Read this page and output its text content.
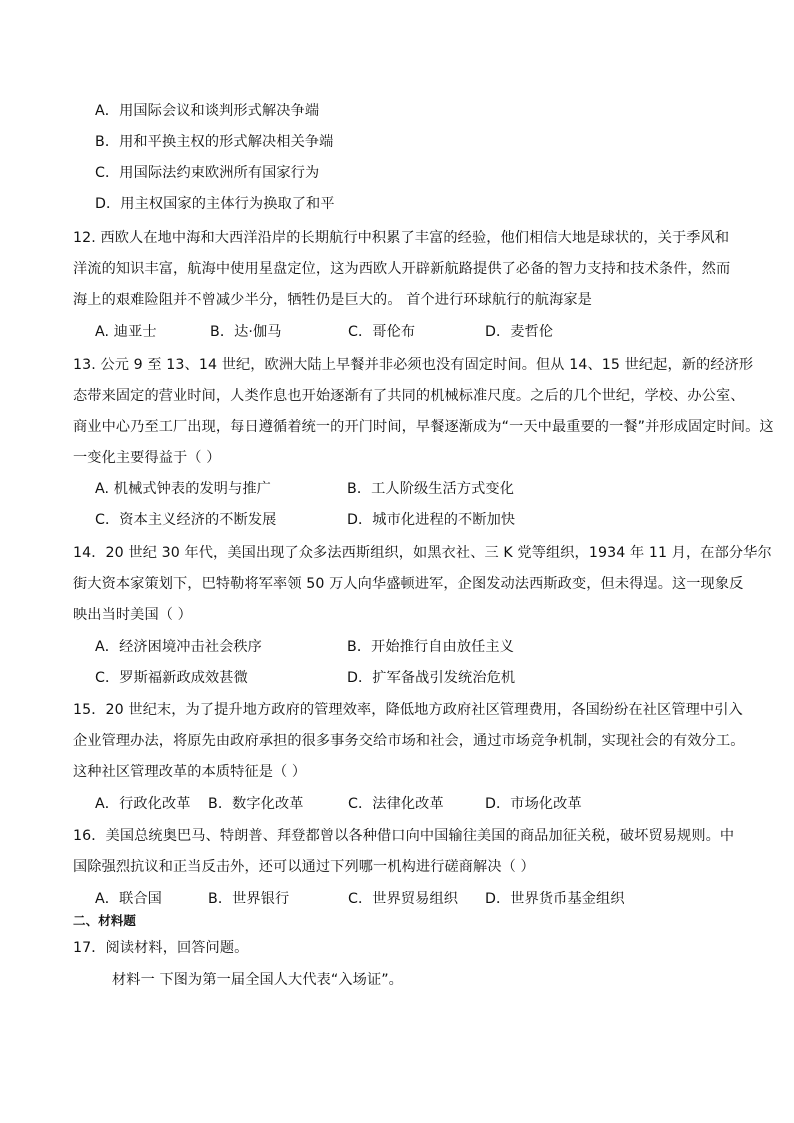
A．用国际会议和谈判形式解决争端
B．用和平换主权的形式解决相关争端
C．用国际法约束欧洲所有国家行为
D．用主权国家的主体行为换取了和平
12. 西欧人在地中海和大西洋沿岸的长期航行中积累了丰富的经验，他们相信大地是球状的，关于季风和
洋流的知识丰富，航海中使用星盘定位，这为西欧人开辟新航路提供了必备的智力支持和技术条件，然而
海上的艰难险阻并不曾减少半分，牺牲仍是巨大的。 首个进行环球航行的航海家是
A. 迪亚士	B．达·伽马	C．哥伦布	D．麦哲伦
13. 公元 9 至 13、14 世纪，欧洲大陆上早餐并非必须也没有固定时间。但从 14、15 世纪起，新的经济形
态带来固定的营业时间，人类作息也开始逐渐有了共同的机械标准尺度。之后的几个世纪，学校、办公室、
商业中心乃至工厂出现，每日遵循着统一的开门时间，早餐逐渐成为“一天中最重要的一餐”并形成固定时间。这
一变化主要得益于（ ）
A. 机械式钟表的发明与推广	B．工人阶级生活方式变化
C．资本主义经济的不断发展	D．城市化进程的不断加快
14．20 世纪 30 年代，美国出现了众多法西斯组织，如黑衣社、三 K 党等组织，1934 年 11 月，在部分华尔
街大资本家策划下，巴特勒将军率领 50 万人向华盛顿进军，企图发动法西斯政变，但未得逞。这一现象反
映出当时美国（ ）
A．经济困境冲击社会秩序	B．开始推行自由放任主义
C．罗斯福新政成效甚微	D．扩军备战引发统治危机
15．20 世纪末，为了提升地方政府的管理效率，降低地方政府社区管理费用，各国纷纷在社区管理中引入
企业管理办法，将原先由政府承担的很多事务交给市场和社会，通过市场竞争机制，实现社会的有效分工。
这种社区管理改革的本质特征是（ ）
A．行政化改革 B．数字化改革	C．法律化改革	D．市场化改革
16．美国总统奥巴马、特朗普、拜登都曾以各种借口向中国输往美国的商品加征关税，破坏贸易规则。中
国除强烈抗议和正当反击外，还可以通过下列哪一机构进行磋商解决（ ）
A．联合国	B．世界银行	C．世界贸易组织 D．世界货币基金组织
二、材料题
17．阅读材料，回答问题。
材料一 下图为第一届全国人大代表“入场证”。
